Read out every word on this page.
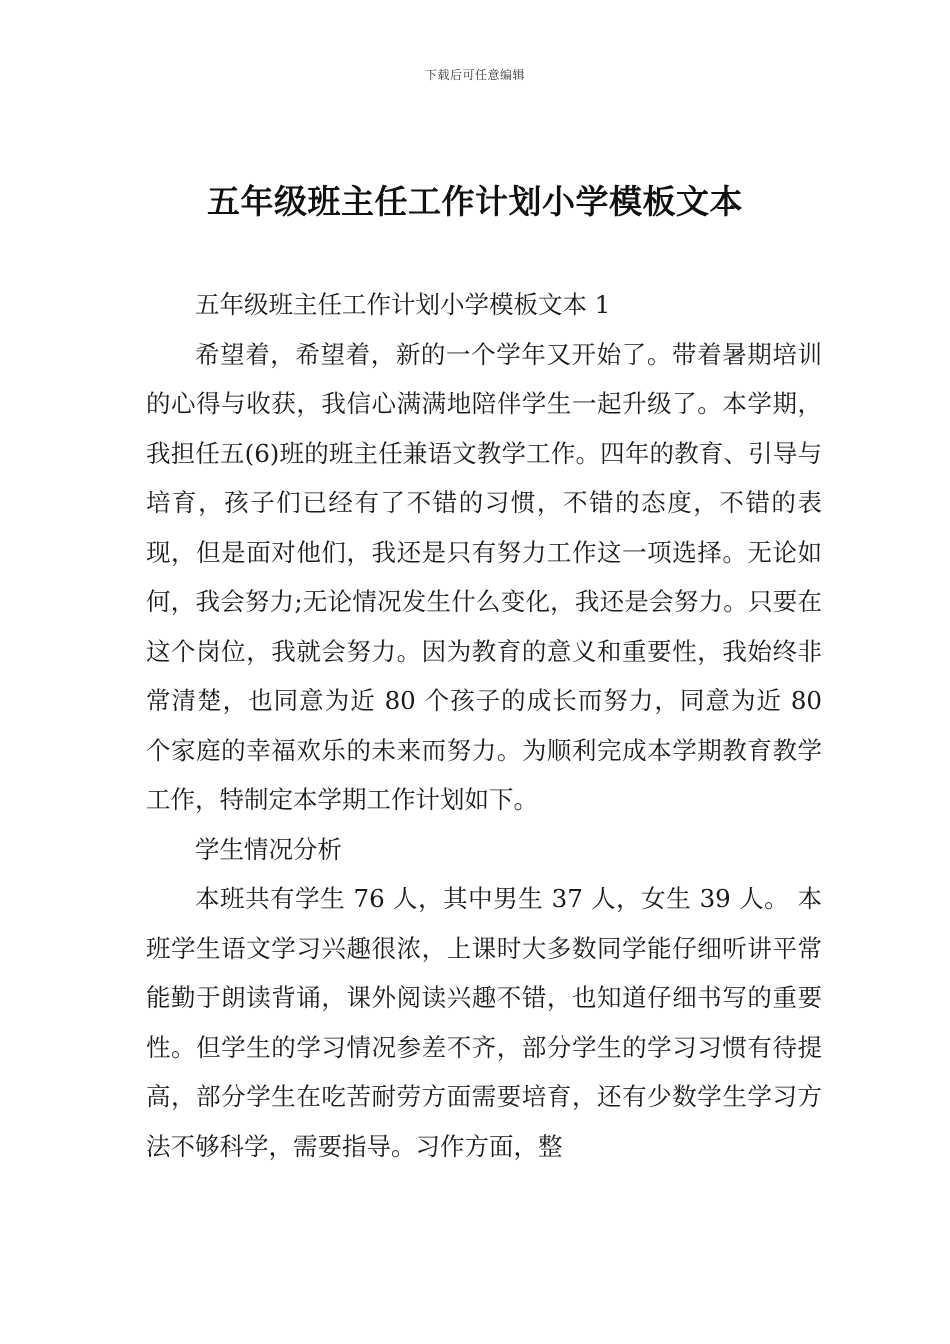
下载后可任意编辑
五年级班主任工作计划小学模板文本

五年级班主任工作计划小学模板文本 1

希望着，希望着，新的一个学年又开始了。带着暑期培训的心得与收获，我信心满满地陪伴学生一起升级了。本学期，我担任五(6)班的班主任兼语文教学工作。四年的教育、引导与培育，孩子们已经有了不错的习惯，不错的态度，不错的表现，但是面对他们，我还是只有努力工作这一项选择。无论如何，我会努力;无论情况发生什么变化，我还是会努力。只要在这个岗位，我就会努力。因为教育的意义和重要性，我始终非常清楚，也同意为近 80 个孩子的成长而努力，同意为近 80 个家庭的幸福欢乐的未来而努力。为顺利完成本学期教育教学工作，特制定本学期工作计划如下。

学生情况分析

本班共有学生 76 人，其中男生 37 人，女生 39 人。 本班学生语文学习兴趣很浓，上课时大多数同学能仔细听讲平常能勤于朗读背诵，课外阅读兴趣不错，也知道仔细书写的重要性。但学生的学习情况参差不齐，部分学生的学习习惯有待提高，部分学生在吃苦耐劳方面需要培育，还有少数学生学习方法不够科学，需要指导。习作方面，整
